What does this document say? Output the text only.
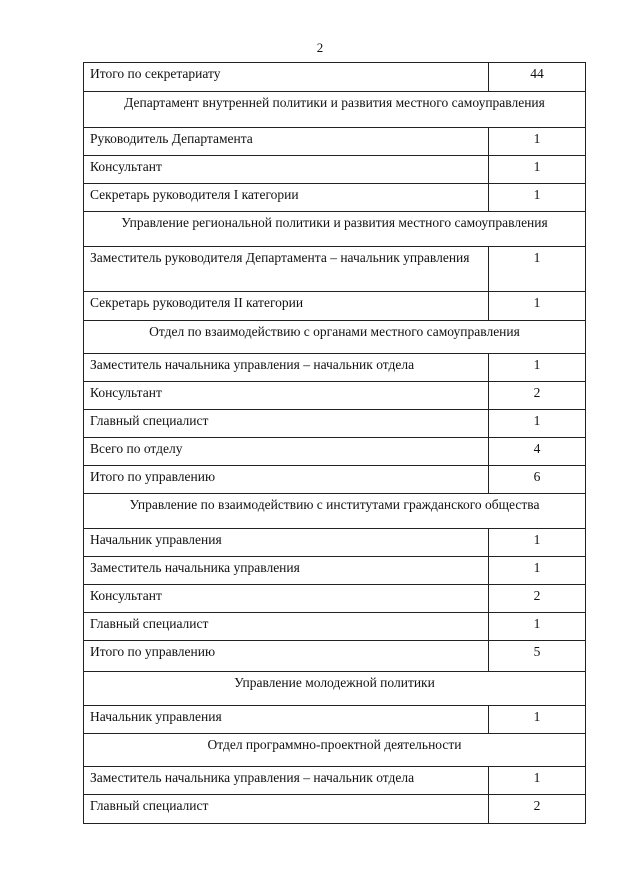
2
Итого по секретариату	44
Департамент внутренней политики и развития местного самоуправления	
Руководитель Департамента	1
Консультант	1
Секретарь руководителя I категории	1
Управление региональной политики и развития местного самоуправления	
Заместитель руководителя Департамента – начальник управления	1
Секретарь руководителя II категории	1
Отдел по взаимодействию с органами местного самоуправления	
Заместитель начальника управления – начальник отдела	1
Консультант	2
Главный специалист	1
Всего по отделу	4
Итого по управлению	6
Управление по взаимодействию с институтами гражданского общества	
Начальник управления	1
Заместитель начальника управления	1
Консультант	2
Главный специалист	1
Итого по управлению	5
Управление молодежной политики	
Начальник управления	1
Отдел программно-проектной деятельности	
Заместитель начальника управления – начальник отдела	1
Главный специалист	2
